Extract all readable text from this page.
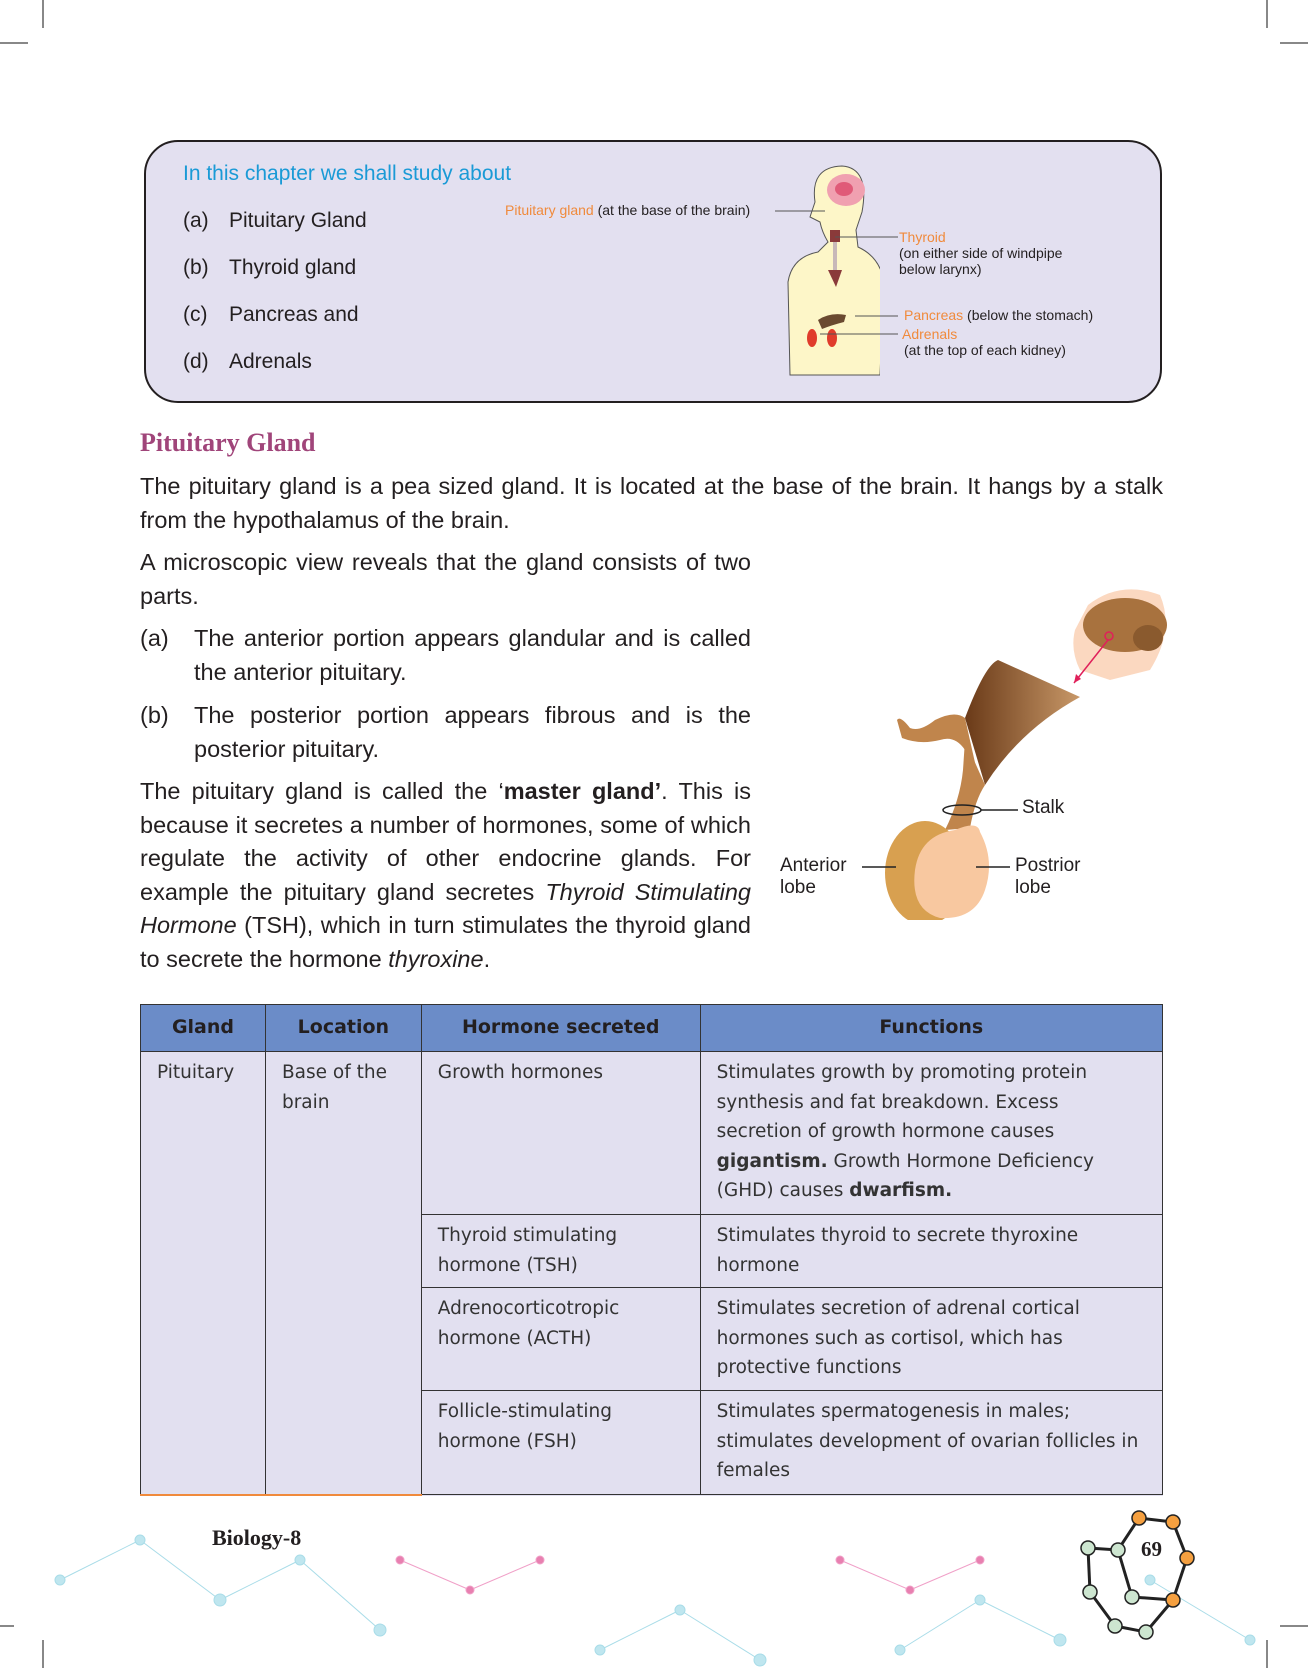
In this chapter we shall study about
(a) Pituitary Gland
(b) Thyroid gland
(c) Pancreas and
(d) Adrenals
Pituitary gland (at the base of the brain)
Thyroid
(on either side of windpipe
below larynx)
Pancreas (below the stomach)
Adrenals
(at the top of each kidney)
Pituitary Gland
The pituitary gland is a pea sized gland. It is located at the base of the brain. It hangs by a stalk from the hypothalamus of the brain.
A microscopic view reveals that the gland consists of two parts.
(a)	The anterior portion appears glandular and is called the anterior pituitary.
(b)	The posterior portion appears fibrous and is the posterior pituitary.
The pituitary gland is called the ‘master gland’. This is because it secretes a number of hormones, some of which regulate the activity of other endocrine glands. For example the pituitary gland secretes Thyroid Stimulating Hormone (TSH), which in turn stimulates the thyroid gland to secrete the hormone thyroxine.
Stalk
Anterior
lobe
Postrior
lobe
Gland	Location	Hormone secreted	Functions
Pituitary	Base of the brain	Growth hormones	Stimulates growth by promoting protein synthesis and fat breakdown. Excess secretion of growth hormone causes gigantism. Growth Hormone Deficiency (GHD) causes dwarfism.
		Thyroid stimulating hormone (TSH)	Stimulates thyroid to secrete thyroxine hormone
		Adrenocorticotropic hormone (ACTH)	Stimulates secretion of adrenal cortical hormones such as cortisol, which has protective functions
		Follicle-stimulating hormone (FSH)	Stimulates spermatogenesis in males; stimulates development of ovarian follicles in females
Biology-8	69
